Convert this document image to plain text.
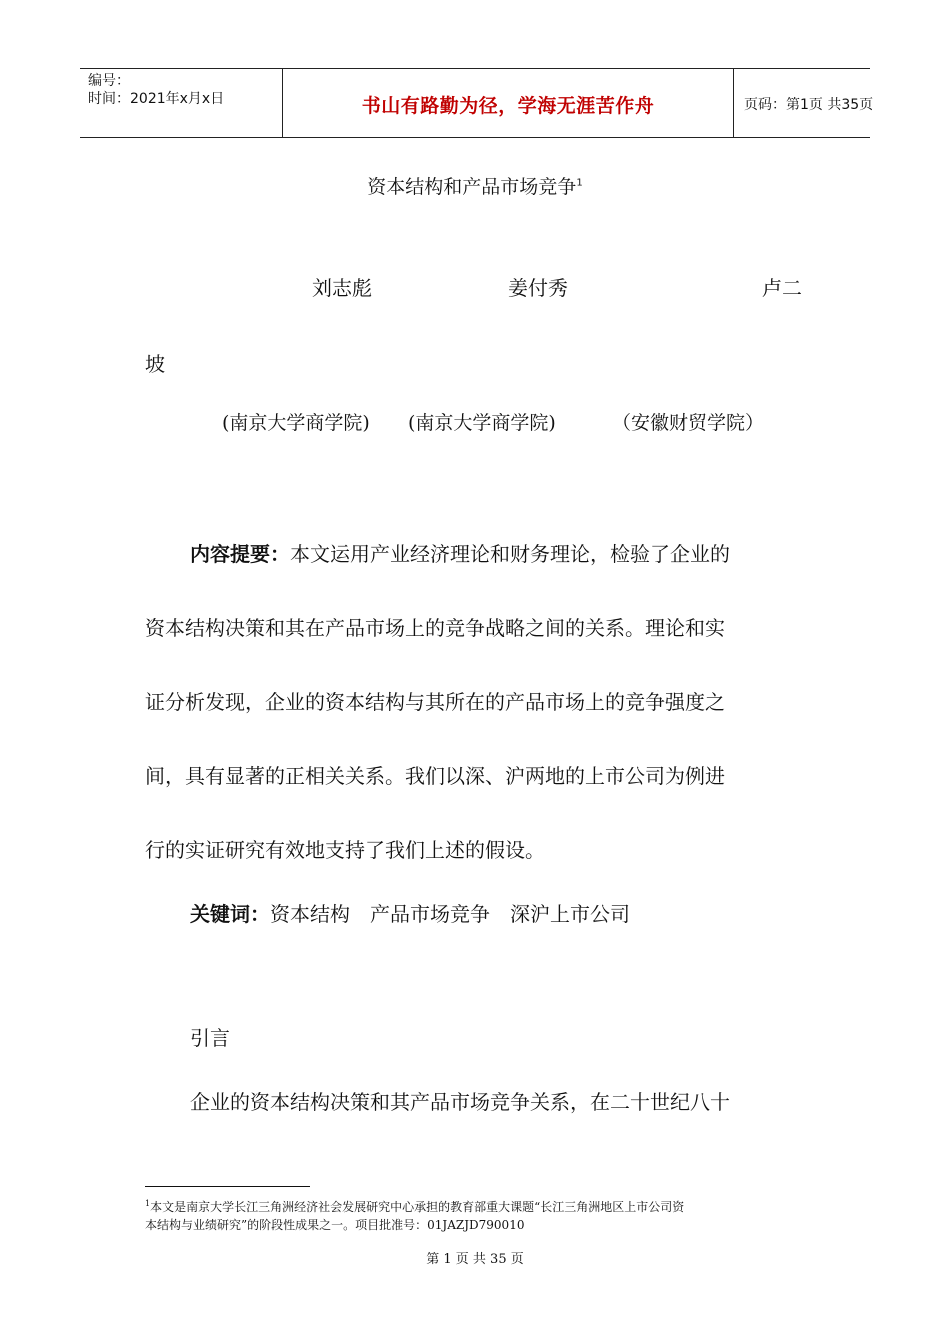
编号：
时间：2021年x月x日	书山有路勤为径，学海无涯苦作舟	页码：第1页 共35页
资本结构和产品市场竞争$^1$
刘志彪	姜付秀	卢二
坡
(南京大学商学院) (南京大学商学院)	（安徽财贸学院）
内容提要：本文运用产业经济理论和财务理论，检验了企业的
资本结构决策和其在产品市场上的竞争战略之间的关系。理论和实
证分析发现，企业的资本结构与其所在的产品市场上的竞争强度之
间，具有显著的正相关关系。我们以深、沪两地的上市公司为例进
行的实证研究有效地支持了我们上述的假设。
关键词：资本结构　产品市场竞争　深沪上市公司
引言
企业的资本结构决策和其产品市场竞争关系，在二十世纪八十
$^1$本文是南京大学长江三角洲经济社会发展研究中心承担的教育部重大课题“长江三角洲地区上市公司资
本结构与业绩研究”的阶段性成果之一。项目批准号：01JAZJD790010
第 1 页 共 35 页
